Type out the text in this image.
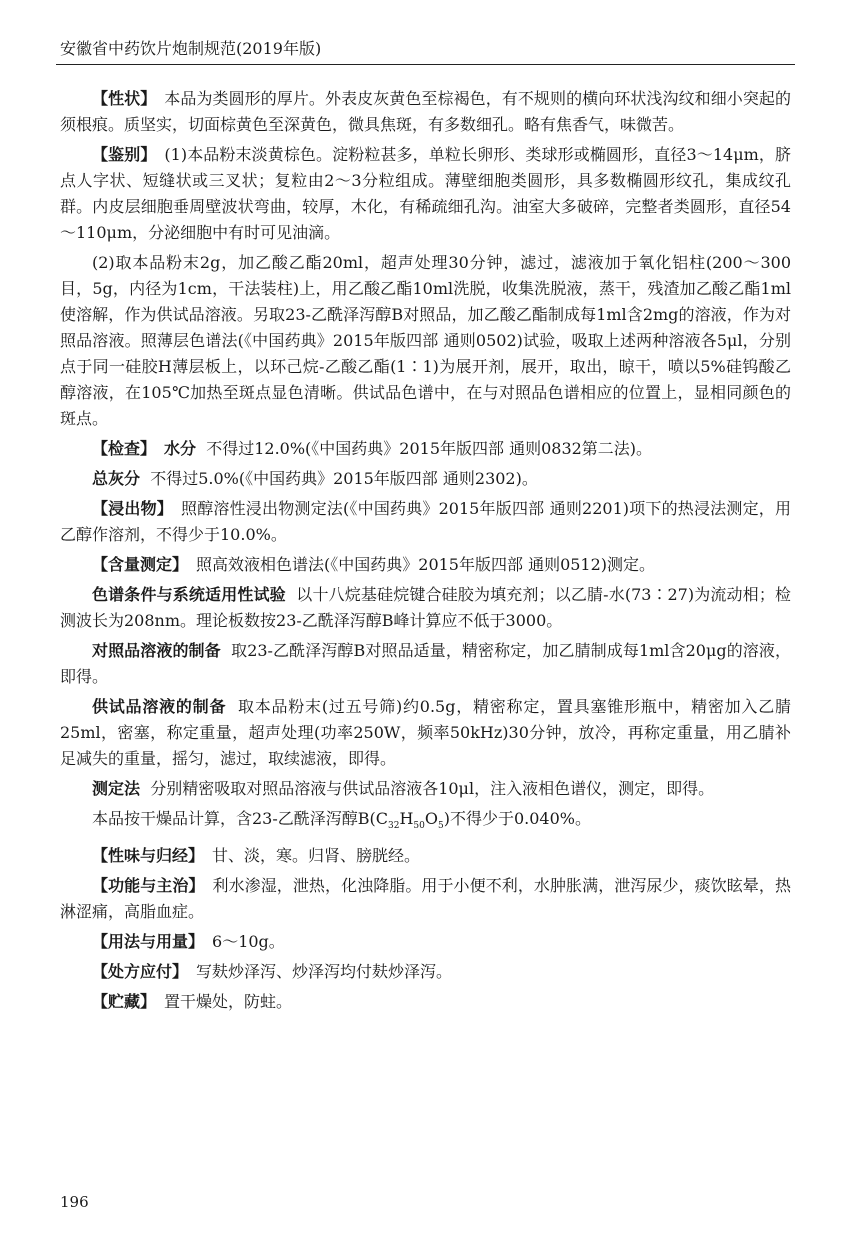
安徽省中药饮片炮制规范(2019年版)

【性状】 本品为类圆形的厚片。外表皮灰黄色至棕褐色，有不规则的横向环状浅沟纹和细小突起的须根痕。质坚实，切面棕黄色至深黄色，微具焦斑，有多数细孔。略有焦香气，味微苦。

【鉴别】 (1)本品粉末淡黄棕色。淀粉粒甚多，单粒长卵形、类球形或椭圆形，直径3～14μm，脐点人字状、短缝状或三叉状；复粒由2～3分粒组成。薄壁细胞类圆形，具多数椭圆形纹孔，集成纹孔群。内皮层细胞垂周壁波状弯曲，较厚，木化，有稀疏细孔沟。油室大多破碎，完整者类圆形，直径54～110μm，分泌细胞中有时可见油滴。

(2)取本品粉末2g，加乙酸乙酯20ml，超声处理30分钟，滤过，滤液加于氧化铝柱(200～300目，5g，内径为1cm，干法装柱)上，用乙酸乙酯10ml洗脱，收集洗脱液，蒸干，残渣加乙酸乙酯1ml使溶解，作为供试品溶液。另取23-乙酰泽泻醇B对照品，加乙酸乙酯制成每1ml含2mg的溶液，作为对照品溶液。照薄层色谱法(《中国药典》2015年版四部 通则0502)试验，吸取上述两种溶液各5μl，分别点于同一硅胶H薄层板上，以环己烷-乙酸乙酯(1∶1)为展开剂，展开，取出，晾干，喷以5%硅钨酸乙醇溶液，在105℃加热至斑点显色清晰。供试品色谱中，在与对照品色谱相应的位置上，显相同颜色的斑点。

【检查】 水分 不得过12.0%(《中国药典》2015年版四部 通则0832第二法)。

总灰分 不得过5.0%(《中国药典》2015年版四部 通则2302)。

【浸出物】 照醇溶性浸出物测定法(《中国药典》2015年版四部 通则2201)项下的热浸法测定，用乙醇作溶剂，不得少于10.0%。

【含量测定】 照高效液相色谱法(《中国药典》2015年版四部 通则0512)测定。

色谱条件与系统适用性试验 以十八烷基硅烷键合硅胶为填充剂；以乙腈-水(73∶27)为流动相；检测波长为208nm。理论板数按23-乙酰泽泻醇B峰计算应不低于3000。

对照品溶液的制备 取23-乙酰泽泻醇B对照品适量，精密称定，加乙腈制成每1ml含20μg的溶液，即得。

供试品溶液的制备 取本品粉末(过五号筛)约0.5g，精密称定，置具塞锥形瓶中，精密加入乙腈25ml，密塞，称定重量，超声处理(功率250W，频率50kHz)30分钟，放冷，再称定重量，用乙腈补足减失的重量，摇匀，滤过，取续滤液，即得。

测定法 分别精密吸取对照品溶液与供试品溶液各10μl，注入液相色谱仪，测定，即得。

本品按干燥品计算，含23-乙酰泽泻醇$B(C_{32}H_{50}O_5)$不得少于0.040%。

【性味与归经】 甘、淡，寒。归肾、膀胱经。

【功能与主治】 利水渗湿，泄热，化浊降脂。用于小便不利，水肿胀满，泄泻尿少，痰饮眩晕，热淋涩痛，高脂血症。

【用法与用量】 6～10g。

【处方应付】 写麸炒泽泻、炒泽泻均付麸炒泽泻。

【贮藏】 置干燥处，防蛀。

196
